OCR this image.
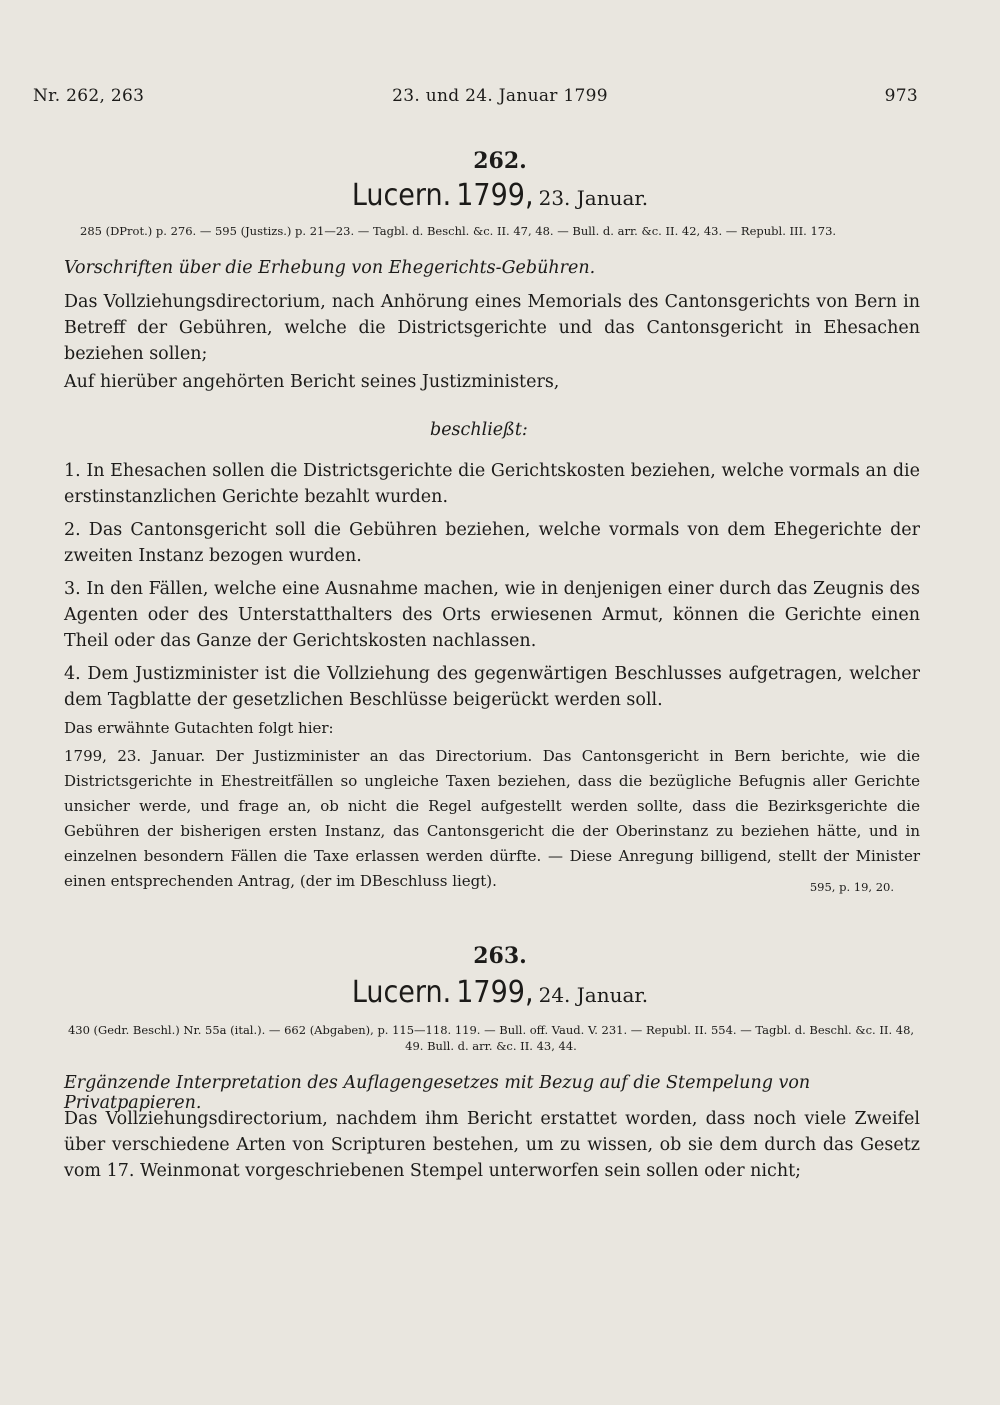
Nr. 262, 263	23. und 24. Januar 1799	973
262.
Lucern. 1799, 23. Januar.
285 (DProt.) p. 276. — 595 (Justizs.) p. 21—23. — Tagbl. d. Beschl. &c. II. 47, 48. — Bull. d. arr. &c. II. 42, 43. — Republ. III. 173.
Vorschriften über die Erhebung von Ehegerichts-Gebühren.
Das Vollziehungsdirectorium, nach Anhörung eines Memorials des Cantonsgerichts von Bern in Betreff der Gebühren, welche die Districtsgerichte und das Cantonsgericht in Ehesachen beziehen sollen;
Auf hierüber angehörten Bericht seines Justizministers,
beschließt:
1. In Ehesachen sollen die Districtsgerichte die Gerichtskosten beziehen, welche vormals an die erstinstanzlichen Gerichte bezahlt wurden.
2. Das Cantonsgericht soll die Gebühren beziehen, welche vormals von dem Ehegerichte der zweiten Instanz bezogen wurden.
3. In den Fällen, welche eine Ausnahme machen, wie in denjenigen einer durch das Zeugnis des Agenten oder des Unterstatthalters des Orts erwiesenen Armut, können die Gerichte einen Theil oder das Ganze der Gerichtskosten nachlassen.
4. Dem Justizminister ist die Vollziehung des gegenwärtigen Beschlusses aufgetragen, welcher dem Tagblatte der gesetzlichen Beschlüsse beigerückt werden soll.
Das erwähnte Gutachten folgt hier:
1799, 23. Januar. Der Justizminister an das Directorium. Das Cantonsgericht in Bern berichte, wie die Districtsgerichte in Ehestreitfällen so ungleiche Taxen beziehen, dass die bezügliche Befugnis aller Gerichte unsicher werde, und frage an, ob nicht die Regel aufgestellt werden sollte, dass die Bezirksgerichte die Gebühren der bisherigen ersten Instanz, das Cantonsgericht die der Oberinstanz zu beziehen hätte, und in einzelnen besondern Fällen die Taxe erlassen werden dürfte. — Diese Anregung billigend, stellt der Minister einen entsprechenden Antrag, (der im DBeschluss liegt).	595, p. 19, 20.
263.
Lucern. 1799, 24. Januar.
430 (Gedr. Beschl.) Nr. 55a (ital.). — 662 (Abgaben), p. 115—118. 119. — Bull. off. Vaud. V. 231. — Republ. II. 554. — Tagbl. d. Beschl. &c. II. 48, 49. Bull. d. arr. &c. II. 43, 44.
Ergänzende Interpretation des Auflagengesetzes mit Bezug auf die Stempelung von Privatpapieren.
Das Vollziehungsdirectorium, nachdem ihm Bericht erstattet worden, dass noch viele Zweifel über verschiedene Arten von Scripturen bestehen, um zu wissen, ob sie dem durch das Gesetz vom 17. Weinmonat vorgeschriebenen Stempel unterworfen sein sollen oder nicht;
